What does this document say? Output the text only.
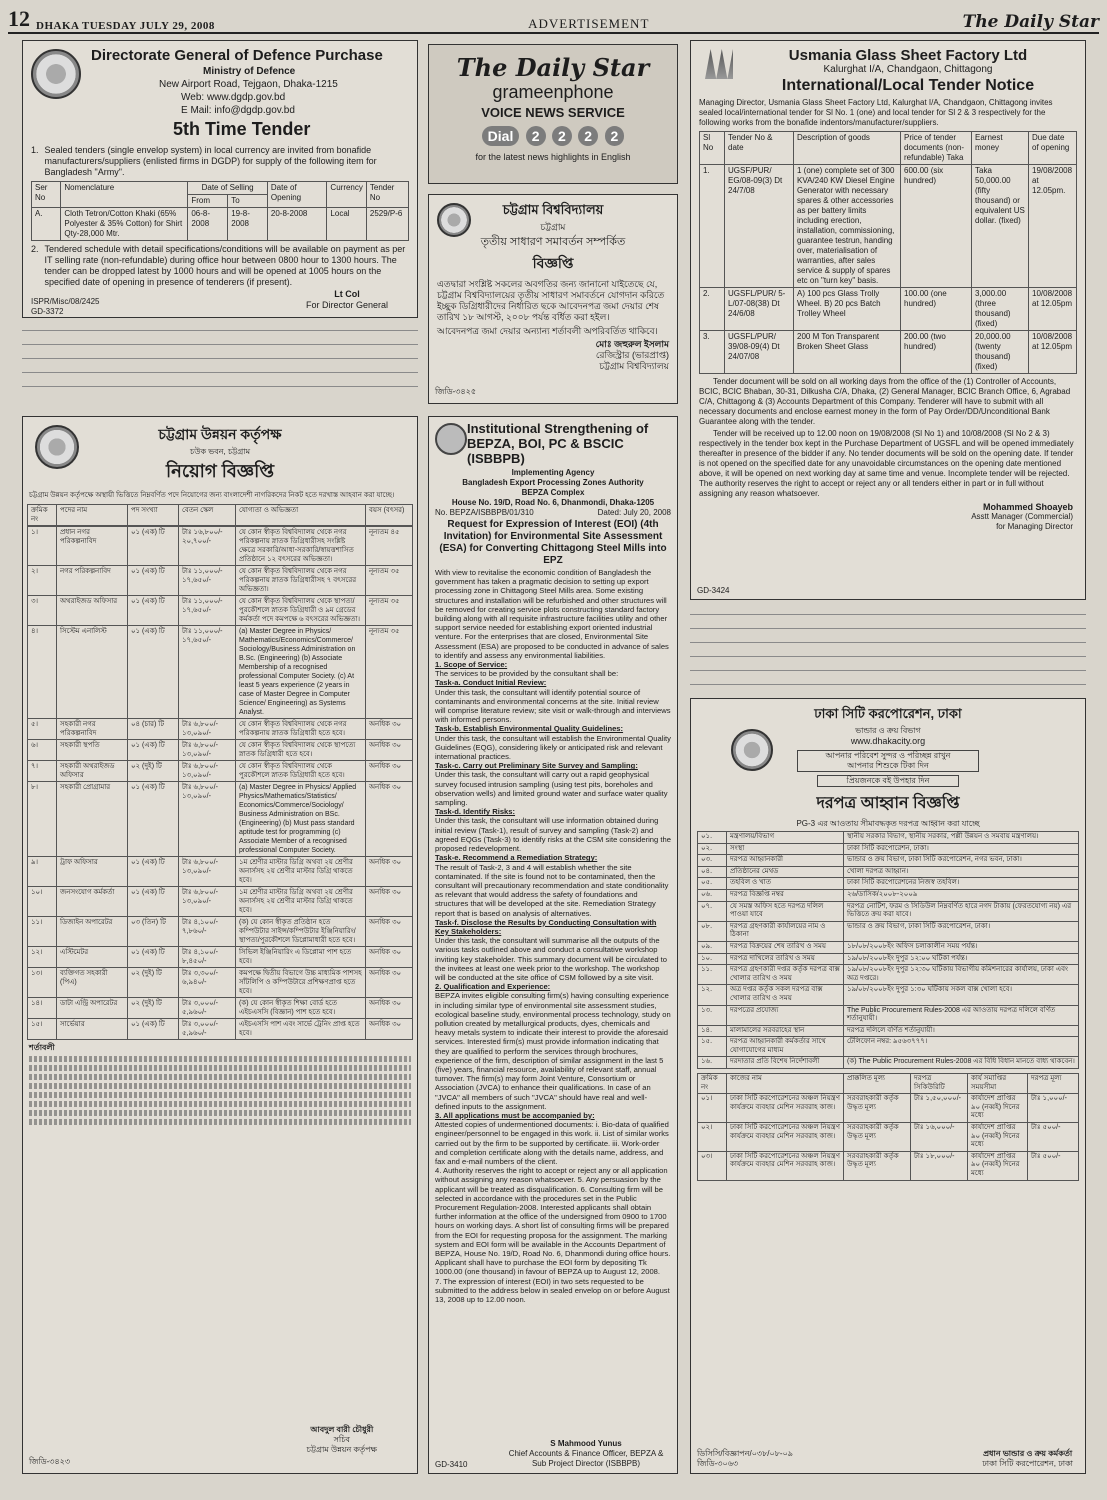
12 DHAKA TUESDAY JULY 29, 2008	ADVERTISEMENT	The Daily Star
Directorate General of Defence Purchase
Ministry of Defence
New Airport Road, Tejgaon, Dhaka-1215
Web: www.dgdp.gov.bd
E Mail: info@dgdp.gov.bd
5th Time Tender
1. Sealed tenders (single envelop system) in local currency are invited from bonafide manufacturers/suppliers (enlisted firms in DGDP) for supply of the following item for Bangladesh "Army".
Ser No	Nomenclature	Date of Selling		Date of Opening	Currency	Tender No
		From	To			
A.	Cloth Tetron/Cotton Khaki (65% Polyester & 35% Cotton) for Shirt Qty-28,000 Mtr.	06-8-2008	19-8-2008	20-8-2008	Local	2529/P-6
2. Tendered schedule with detail specifications/conditions will be available on payment as per IT selling rate (non-refundable) during office hour between 0800 hour to 1300 hours. The tender can be dropped latest by 1000 hours and will be opened at 1005 hours on the specified date of opening in presence of tenderers (if present).
ISPR/Misc/08/2425
GD-3372
Lt Col
For Director General
The Daily Star
grameenphone
VOICE NEWS SERVICE
Dial 2 2 2 2
for the latest news highlights in English
চট্টগ্রাম বিশ্ববিদ্যালয়
চট্টগ্রাম
তৃতীয় সাধারণ সমাবর্তন সম্পর্কিত
বিজ্ঞপ্তি
এতদ্বারা সংশ্লিষ্ট সকলের অবগতির জন্য জানানো যাইতেছে যে, চট্টগ্রাম বিশ্ববিদ্যালয়ের তৃতীয় সাধারণ সমাবর্তনে যোগদান করিতে ইচ্ছুক ডিগ্রিধারীদের নির্ধারিত ছকে আবেদনপত্র জমা দেয়ার শেষ তারিখ ১৮ আগস্ট, ২০০৮ পর্যন্ত বর্ধিত করা হইল।
আবেদনপত্র জমা দেয়ার অন্যান্য শর্তাবলী অপরিবর্তিত থাকিবে।
মোঃ জহুরুল ইসলাম
রেজিস্ট্রার (ভারপ্রাপ্ত)
চট্টগ্রাম বিশ্ববিদ্যালয়
জিডি-৩৪২৫
Usmania Glass Sheet Factory Ltd
Kalurghat I/A, Chandgaon, Chittagong
International/Local Tender Notice
Managing Director, Usmania Glass Sheet Factory Ltd, Kalurghat I/A, Chandgaon, Chittagong invites sealed local/international tender for Sl No. 1 (one) and local tender for Sl 2 & 3 respectively for the following works from the bonafide indentors/manufacturer/suppliers.
Sl No	Tender No & date	Description of goods	Price of tender documents (non-refundable) Taka	Earnest money	Due date of opening
1.	UGSF/PUR/ EG/08-09(3) Dt 24/7/08	1 (one) complete set of 300 KVA/240 KW Diesel Engine Generator with necessary spares & other accessories as per battery limits including erection, installation, commissioning, guarantee testrun, handing over, materialisation of warranties, after sales service & supply of spares etc on "turn key" basis.	600.00 (six hundred)	Taka 50,000.00 (fifty thousand) or equivalent US dollar. (fixed)	19/08/2008 at 12.05pm.
2.	UGSFL/PUR/ 5-L/07-08(38) Dt 24/6/08	A) 100 pcs Glass Trolly Wheel. B) 20 pcs Batch Trolley Wheel	100.00 (one hundred)	3,000.00 (three thousand) (fixed)	10/08/2008 at 12.05pm
3.	UGSFL/PUR/ 39/08-09(4) Dt 24/07/08	200 M Ton Transparent Broken Sheet Glass	200.00 (two hundred)	20,000.00 (twenty thousand) (fixed)	10/08/2008 at 12.05pm
Tender document will be sold on all working days from the office of the (1) Controller of Accounts, BCIC, BCIC Bhaban, 30-31, Dilkusha C/A, Dhaka, (2) General Manager, BCIC Branch Office, 6, Agrabad C/A, Chittagong & (3) Accounts Department of this Company. Tenderer will have to submit with all necessary documents and enclose earnest money in the form of Pay Order/DD/Unconditional Bank Guarantee along with the tender.
Tender will be received up to 12.00 noon on 19/08/2008 (Sl No 1) and 10/08/2008 (Sl No 2 & 3) respectively in the tender box kept in the Purchase Department of UGSFL and will be opened immediately thereafter in presence of the bidder if any. No tender documents will be sold on the opening date. If tender is not opened on the specified date for any unavoidable circumstances on the opening date mentioned above, it will be opened on next working day at same time and venue. Incomplete tender will be rejected. The authority reserves the right to accept or reject any or all tenders either in part or in full without assigning any reason whatsoever.
Mohammed Shoayeb
Asstt Manager (Commercial)
for Managing Director
GD-3424
চট্টগ্রাম উন্নয়ন কর্তৃপক্ষ
চউক ভবন, চট্টগ্রাম
নিয়োগ বিজ্ঞপ্তি
চট্টগ্রাম উন্নয়ন কর্তৃপক্ষে অস্থায়ী ভিত্তিতে নিম্নবর্ণিত পদে নিয়োগের জন্য বাংলাদেশী নাগরিকদের নিকট হতে দরখাস্ত আহবান করা যাচ্ছে।
ক্রমিক নং	পদের নাম	পদ সংখ্যা	বেতন স্কেল	যোগ্যতা ও অভিজ্ঞতা	বয়স (বৎসর)
১।	প্রধান নগর পরিকল্পনাবিদ	০১ (এক) টি	টাঃ ১৬,৮০০/- ২০,৭০০/-	যে কোন স্বীকৃত বিশ্ববিদ্যালয় থেকে নগর পরিকল্পনায় স্নাতক ডিগ্রিধারীসহ সংশ্লিষ্ট ক্ষেত্রে সরকারি/আধা-সরকারি/স্বায়ত্তশাসিত প্রতিষ্ঠানে ১২ বৎসরের অভিজ্ঞতা।	নূন্যতম ৪৫
২।	নগর পরিকল্পনাবিদ	০১ (এক) টি	টাঃ ১১,০০০/- ১৭,৬৫০/-	যে কোন স্বীকৃত বিশ্ববিদ্যালয় থেকে নগর পরিকল্পনায় স্নাতক ডিগ্রিধারীসহ ৭ বৎসরের অভিজ্ঞতা।	নূন্যতম ৩৫
৩।	অথরাইজড অফিসার	০১ (এক) টি	টাঃ ১১,০০০/- ১৭,৬৫০/-	যে কোন স্বীকৃত বিশ্ববিদ্যালয় থেকে স্থাপত্য/পুরকৌশলে স্নাতক ডিগ্রিধারী ও ৯ম গ্রেডের কর্মকর্তা পদে কমপক্ষে ৬ বৎসরের অভিজ্ঞতা।	নূন্যতম ৩৫
৪।	সিস্টেম এনালিস্ট	০১ (এক) টি	টাঃ ১১,০০০/- ১৭,৬৫০/-	(a) Master Degree in Physics/ Mathematics/Economics/Commerce/ Sociology/Business Administration on B.Sc. (Engineering) (b) Associate Membership of a recognised professional Computer Society. (c) At least 5 years experience (2 years in case of Master Degree in Computer Science/ Engineering) as Systems Analyst.	নূন্যতম ৩৫
৫।	সহকারী নগর পরিকল্পনাবিদ	০৪ (চার) টি	টাঃ ৬,৮০০/- ১৩,০৯০/-	যে কোন স্বীকৃত বিশ্ববিদ্যালয় থেকে নগর পরিকল্পনায় স্নাতক ডিগ্রিধারী হতে হবে।	অনধিক ৩০
৬।	সহকারী স্থপতি	০১ (এক) টি	টাঃ ৬,৮০০/- ১৩,০৯০/-	যে কোন স্বীকৃত বিশ্ববিদ্যালয় থেকে স্থাপত্যে স্নাতক ডিগ্রিধারী হতে হবে।	অনধিক ৩০
৭।	সহকারী অথরাইজড অফিসার	০২ (দুই) টি	টাঃ ৬,৮০০/- ১৩,০৯০/-	যে কোন স্বীকৃত বিশ্ববিদ্যালয় থেকে পুরকৌশলে স্নাতক ডিগ্রিধারী হতে হবে।	অনধিক ৩০
৮।	সহকারী প্রোগ্রামার	০১ (এক) টি	টাঃ ৬,৮০০/- ১৩,০৯০/-	(a) Master Degree in Physics/ Applied Physics/Mathematics/Statistics/ Economics/Commerce/Sociology/ Business Administration on BSc. (Engineering) (b) Must pass standard aptitude test for programming (c) Associate Member of a recognised professional Computer Society.	অনধিক ৩০
৯।	ট্রাফ অফিসার	০১ (এক) টি	টাঃ ৬,৮০০/- ১৩,০৯০/-	১ম শ্রেণীর মাস্টার ডিগ্রি অথবা ২য় শ্রেণীর অনার্সসহ ২য় শ্রেণীর মাস্টার ডিগ্রি থাকতে হবে।	অনধিক ৩০
১০।	জনসংযোগ কর্মকর্তা	০১ (এক) টি	টাঃ ৬,৮০০/- ১৩,০৯০/-	১ম শ্রেণীর মাস্টার ডিগ্রি অথবা ২য় শ্রেণীর অনার্সসহ ২য় শ্রেণীর মাস্টার ডিগ্রি থাকতে হবে।	অনধিক ৩০
১১।	ডিজাইন অপারেটর	০৩ (তিন) টি	টাঃ ৪,১০০/- ৭,৮৬০/-	(ক) যে কোন স্বীকৃত প্রতিষ্ঠান হতে কম্পিউটার সাইন্স/কম্পিউটার ইঞ্জিনিয়ারিং/স্থাপত্য/পুরকৌশলে ডিপ্লোমাধারী হতে হবে।	অনধিক ৩০
১২।	এস্টিমেটর	০১ (এক) টি	টাঃ ৪,১০০/- ৮,৪৫০/-	সিভিল ইঞ্জিনিয়ারিং এ ডিপ্লোমা পাশ হতে হবে।	অনধিক ৩০
১৩।	ব্যক্তিগত সহকারী (পিএ)	০২ (দুই) টি	টাঃ ৩,৩০০/- ৬,৯৪০/-	কমপক্ষে দ্বিতীয় বিভাগে উচ্চ মাধ্যমিক পাশসহ সাঁটলিপি ও কম্পিউটারে প্রশিক্ষণপ্রাপ্ত হতে হবে।	অনধিক ৩০
১৪।	ডাটা এন্ট্রি অপারেটর	০২ (দুই) টি	টাঃ ৩,০০০/- ৫,৯৬০/-	(ক) যে কোন স্বীকৃত শিক্ষা বোর্ড হতে এইচএসসি (বিজ্ঞান) পাশ হতে হবে।	অনধিক ৩০
১৫।	সার্ভেয়ার	০১ (এক) টি	টাঃ ৩,০০০/- ৫,৯৬০/-	এইচএসসি পাশ এবং সার্ভে ট্রেনিং প্রাপ্ত হতে হবে।	অনধিক ৩০
শর্তাবলী
আবদুল বারী চৌধুরী
সচিব
চট্টগ্রাম উন্নয়ন কর্তৃপক্ষ
জিডি-৩৪২৩
Institutional Strengthening of BEPZA, BOI, PC & BSCIC (ISBBPB)
Implementing Agency
Bangladesh Export Processing Zones Authority
BEPZA Complex
House No. 19/D, Road No. 6, Dhanmondi, Dhaka-1205
No. BEPZA/ISBBPB/01/310	Dated: July 20, 2008
Request for Expression of Interest (EOI) (4th Invitation) for Environmental Site Assessment (ESA) for Converting Chittagong Steel Mills into EPZ
With view to revitalise the economic condition of Bangladesh the government has taken a pragmatic decision to setting up export processing zone in Chittagong Steel Mills area. Some existing structures and installation will be refurbished and other structures will be removed for creating service plots constructing standard factory building along with all requisite infrastructure facilities utility and other support service needed for establishing export oriented industrial venture. For the enterprises that are closed, Environmental Site Assessment (ESA) are proposed to be conducted in advance of sales to identify and assess any environmental liabilities.
1. Scope of Service:
The services to be provided by the consultant shall be:
Task-a. Conduct Initial Review:
Under this task, the consultant will identify potential source of contaminants and environmental concerns at the site. Initial review will comprise literature review; site visit or walk-through and interviews with informed persons.
Task-b. Establish Environmental Quality Guidelines:
Under this task, the consultant will establish the Environmental Quality Guidelines (EQG), considering likely or anticipated risk and relevant international practices.
Task-c. Carry out Preliminary Site Survey and Sampling:
Under this task, the consultant will carry out a rapid geophysical survey focused intrusion sampling (using test pits, boreholes and observation wells) and limited ground water and surface water quality sampling.
Task-d. Identify Risks:
Under this task, the consultant will use information obtained during initial review (Task-1), result of survey and sampling (Task-2) and agreed EQGs (Task-3) to identify risks at the CSM site considering the proposed redevelopment.
Task-e. Recommend a Remediation Strategy:
The result of Task-2, 3 and 4 will establish whether the site contaminated. If the site is found not to be contaminated, then the consultant will precautionary recommendation and state conditionality as relevant that would address the safety of foundations and structures that will be developed at the site. Remediation Strategy report that is based on analysis of alternatives.
Task-f. Disclose the Results by Conducting Consultation with Key Stakeholders:
Under this task, the consultant will summarise all the outputs of the various tasks outlined above and conduct a consultative workshop inviting key stakeholder. This summary document will be circulated to the invitees at least one week prior to the workshop. The workshop will be conducted at the site office of CSM followed by a site visit.
2. Qualification and Experience:
BEPZA invites eligible consulting firm(s) having consulting experience in including similar type of environmental site assessment studies, ecological baseline study, environmental process technology, study on pollution created by metallurgical products, dyes, chemicals and heavy metals system to indicate their interest to provide the aforesaid services. Interested firm(s) must provide information indicating that they are qualified to perform the services through brochures, experience of the firm, description of similar assignment in the last 5 (five) years, financial resource, availability of relevant staff, annual turnover. The firm(s) may form Joint Venture, Consortium or Association (JVCA) to enhance their qualifications. In case of an "JVCA" all members of such "JVCA" should have real and well-defined inputs to the assignment.
3. All applications must be accompanied by:
Attested copies of undermentioned documents: i. Bio-data of qualified engineer/personnel to be engaged in this work. ii. List of similar works carried out by the firm to be supported by certificate. iii. Work-order and completion certificate along with the details name, address, and fax and e-mail numbers of the client.
4. Authority reserves the right to accept or reject any or all application without assigning any reason whatsoever. 5. Any persuasion by the applicant will be treated as disqualification. 6. Consulting firm will be selected in accordance with the procedures set in the Public Procurement Regulation-2008. Interested applicants shall obtain further information at the office of the undersigned from 0900 to 1700 hours on working days. A short list of consulting firms will be prepared from the EOI for requesting proposa for the assignment. The marking system and EOI form will be available in the Accounts Department of BEPZA, House No. 19/D, Road No. 6, Dhanmondi during office hours. Applicant shall have to purchase the EOI form by depositing Tk 1000.00 (one thousand) in favour of BEPZA up to August 12, 2008.
7. The expression of interest (EOI) in two sets requested to be submitted to the address below in sealed envelop on or before August 13, 2008 up to 12.00 noon.
S Mahmood Yunus
Chief Accounts & Finance Officer, BEPZA & Sub Project Director (ISBBPB)
GD-3410
ঢাকা সিটি করপোরেশন, ঢাকা
ভান্ডার ও ক্রয় বিভাগ
www.dhakacity.org
আপনার পরিবেশ সুন্দর ও পরিচ্ছন্ন রাখুন
আপনার শিশুকে টিকা দিন
প্রিয়জনকে বই উপহার দিন
দরপত্র আহ্বান বিজ্ঞপ্তি
PG-3 এর আওতায় সীমাবদ্ধকৃত দরপত্র আহ্বান করা যাচ্ছে
০১.	মন্ত্রণালয়/বিভাগ	স্থানীয় সরকার বিভাগ, স্থানীয় সরকার, পল্লী উন্নয়ন ও সমবায় মন্ত্রণালয়।
০২.	সংস্থা	ঢাকা সিটি করপোরেশন, ঢাকা।
০৩.	দরপত্র আহ্বানকারী	ভান্ডার ও ক্রয় বিভাগ, ঢাকা সিটি করপোরেশন, নগর ভবন, ঢাকা।
০৪.	প্রতিষ্ঠানের মেথড	খোলা দরপত্র আহ্বান।
০৫.	তহবিল ও খাত	ঢাকা সিটি করপোরেশনের নিজস্ব তহবিল।
০৬.	দরপত্র বিজ্ঞপ্তি নম্বর	২৬/ডাসিক/২০০৮-২০০৯
০৭.	যে সমস্ত অফিস হতে দরপত্র দলিল পাওয়া যাবে	দরপত্র নোটিশ, ফরম ও সিডিউল নিম্নবর্ণিত হারে নগদ টাকায় (ফেরতযোগ্য নয়) এর ভিত্তিতে ক্রয় করা যাবে।
০৮.	দরপত্র গ্রহণকারী কার্যালয়ের নাম ও ঠিকানা	ভান্ডার ও ক্রয় বিভাগ, ঢাকা সিটি করপোরেশন, ঢাকা।
০৯.	দরপত্র বিক্রয়ের শেষ তারিখ ও সময়	১৮/০৮/২০০৮ইং অফিস চলাকালীন সময় পর্যন্ত।
১০.	দরপত্র দাখিলের তারিখ ও সময়	১৯/০৮/২০০৮ইং দুপুর ১২:০০ ঘটিকা পর্যন্ত।
১১.	দরপত্র গ্রহণকারী দপ্তর কর্তৃক দরপত্র বাক্স খোলার তারিখ ও সময়	১৯/০৮/২০০৮ইং দুপুর ১২:৩০ ঘটিকায় বিভাগীয় কমিশনারের কার্যালয়, ঢাকা এবং অত্র দপ্তরে।
১২.	অত্র দপ্তর কর্তৃক সকল দরপত্র বাক্স খোলার তারিখ ও সময়	১৯/০৮/২০০৮ইং দুপুর ১:৩০ ঘটিকায় সকল বাক্স খোলা হবে।
১৩.	দরপত্রের প্রযোজ্য	The Public Procurement Rules-2008 এর আওতায় দরপত্র দলিলে বর্ণিত শর্তানুযায়ী।
১৪.	মালামালের সরবরাহের স্থান	দরপত্র দলিলে বর্ণিত শর্তানুযায়ী।
১৫.	দরপত্র আহ্বানকারী কর্মকর্তার সাথে যোগাযোগের মাধ্যম	টেলিফোন নম্বর: ৯৫৬৩৭৭৭।
১৬.	দরদাতার প্রতি বিশেষ নির্দেশাবলী	(ক) The Public Procurement Rules-2008 এর বিধি বিধান মানতে বাধ্য থাকবেন।
ক্রমিক নং	কাজের নাম	প্রাক্কলিত মূল্য	দরপত্র সিকিউরিটি	কার্য সমাপ্তির সময়সীমা	দরপত্র মূল্য
০১।	ঢাকা সিটি করপোরেশনের অঞ্চল নিয়ন্ত্রণ কার্যক্রমে ব্যবহার মেশিন সরবরাহ কাজ।	সরবরাহকারী কর্তৃক উদ্ধৃত মূল্য	টাঃ ১,৫০,০০০/-	কার্যাদেশ প্রাপ্তির ৯০ (নব্বই) দিনের মধ্যে	টাঃ ১,০০০/-
০২।	ঢাকা সিটি করপোরেশনের অঞ্চল নিয়ন্ত্রণ কার্যক্রমে ব্যবহার মেশিন সরবরাহ কাজ।	সরবরাহকারী কর্তৃক উদ্ধৃত মূল্য	টাঃ ১৬,০০০/-	কার্যাদেশ প্রাপ্তির ৯০ (নব্বই) দিনের মধ্যে	টাঃ ৫০০/-
০৩।	ঢাকা সিটি করপোরেশনের অঞ্চল নিয়ন্ত্রণ কার্যক্রমে ব্যবহার মেশিন সরবরাহ কাজ।	সরবরাহকারী কর্তৃক উদ্ধৃত মূল্য	টাঃ ১৮,০০০/-	কার্যাদেশ প্রাপ্তির ৯০ (নব্বই) দিনের মধ্যে	টাঃ ৫০০/-
ডিসিসি/বিজ্ঞাপন/০৩৮/০৮-০৯
জিডি-৩০৬৩
প্রধান ভান্ডার ও ক্রয় কর্মকর্তা
ঢাকা সিটি করপোরেশন, ঢাকা
